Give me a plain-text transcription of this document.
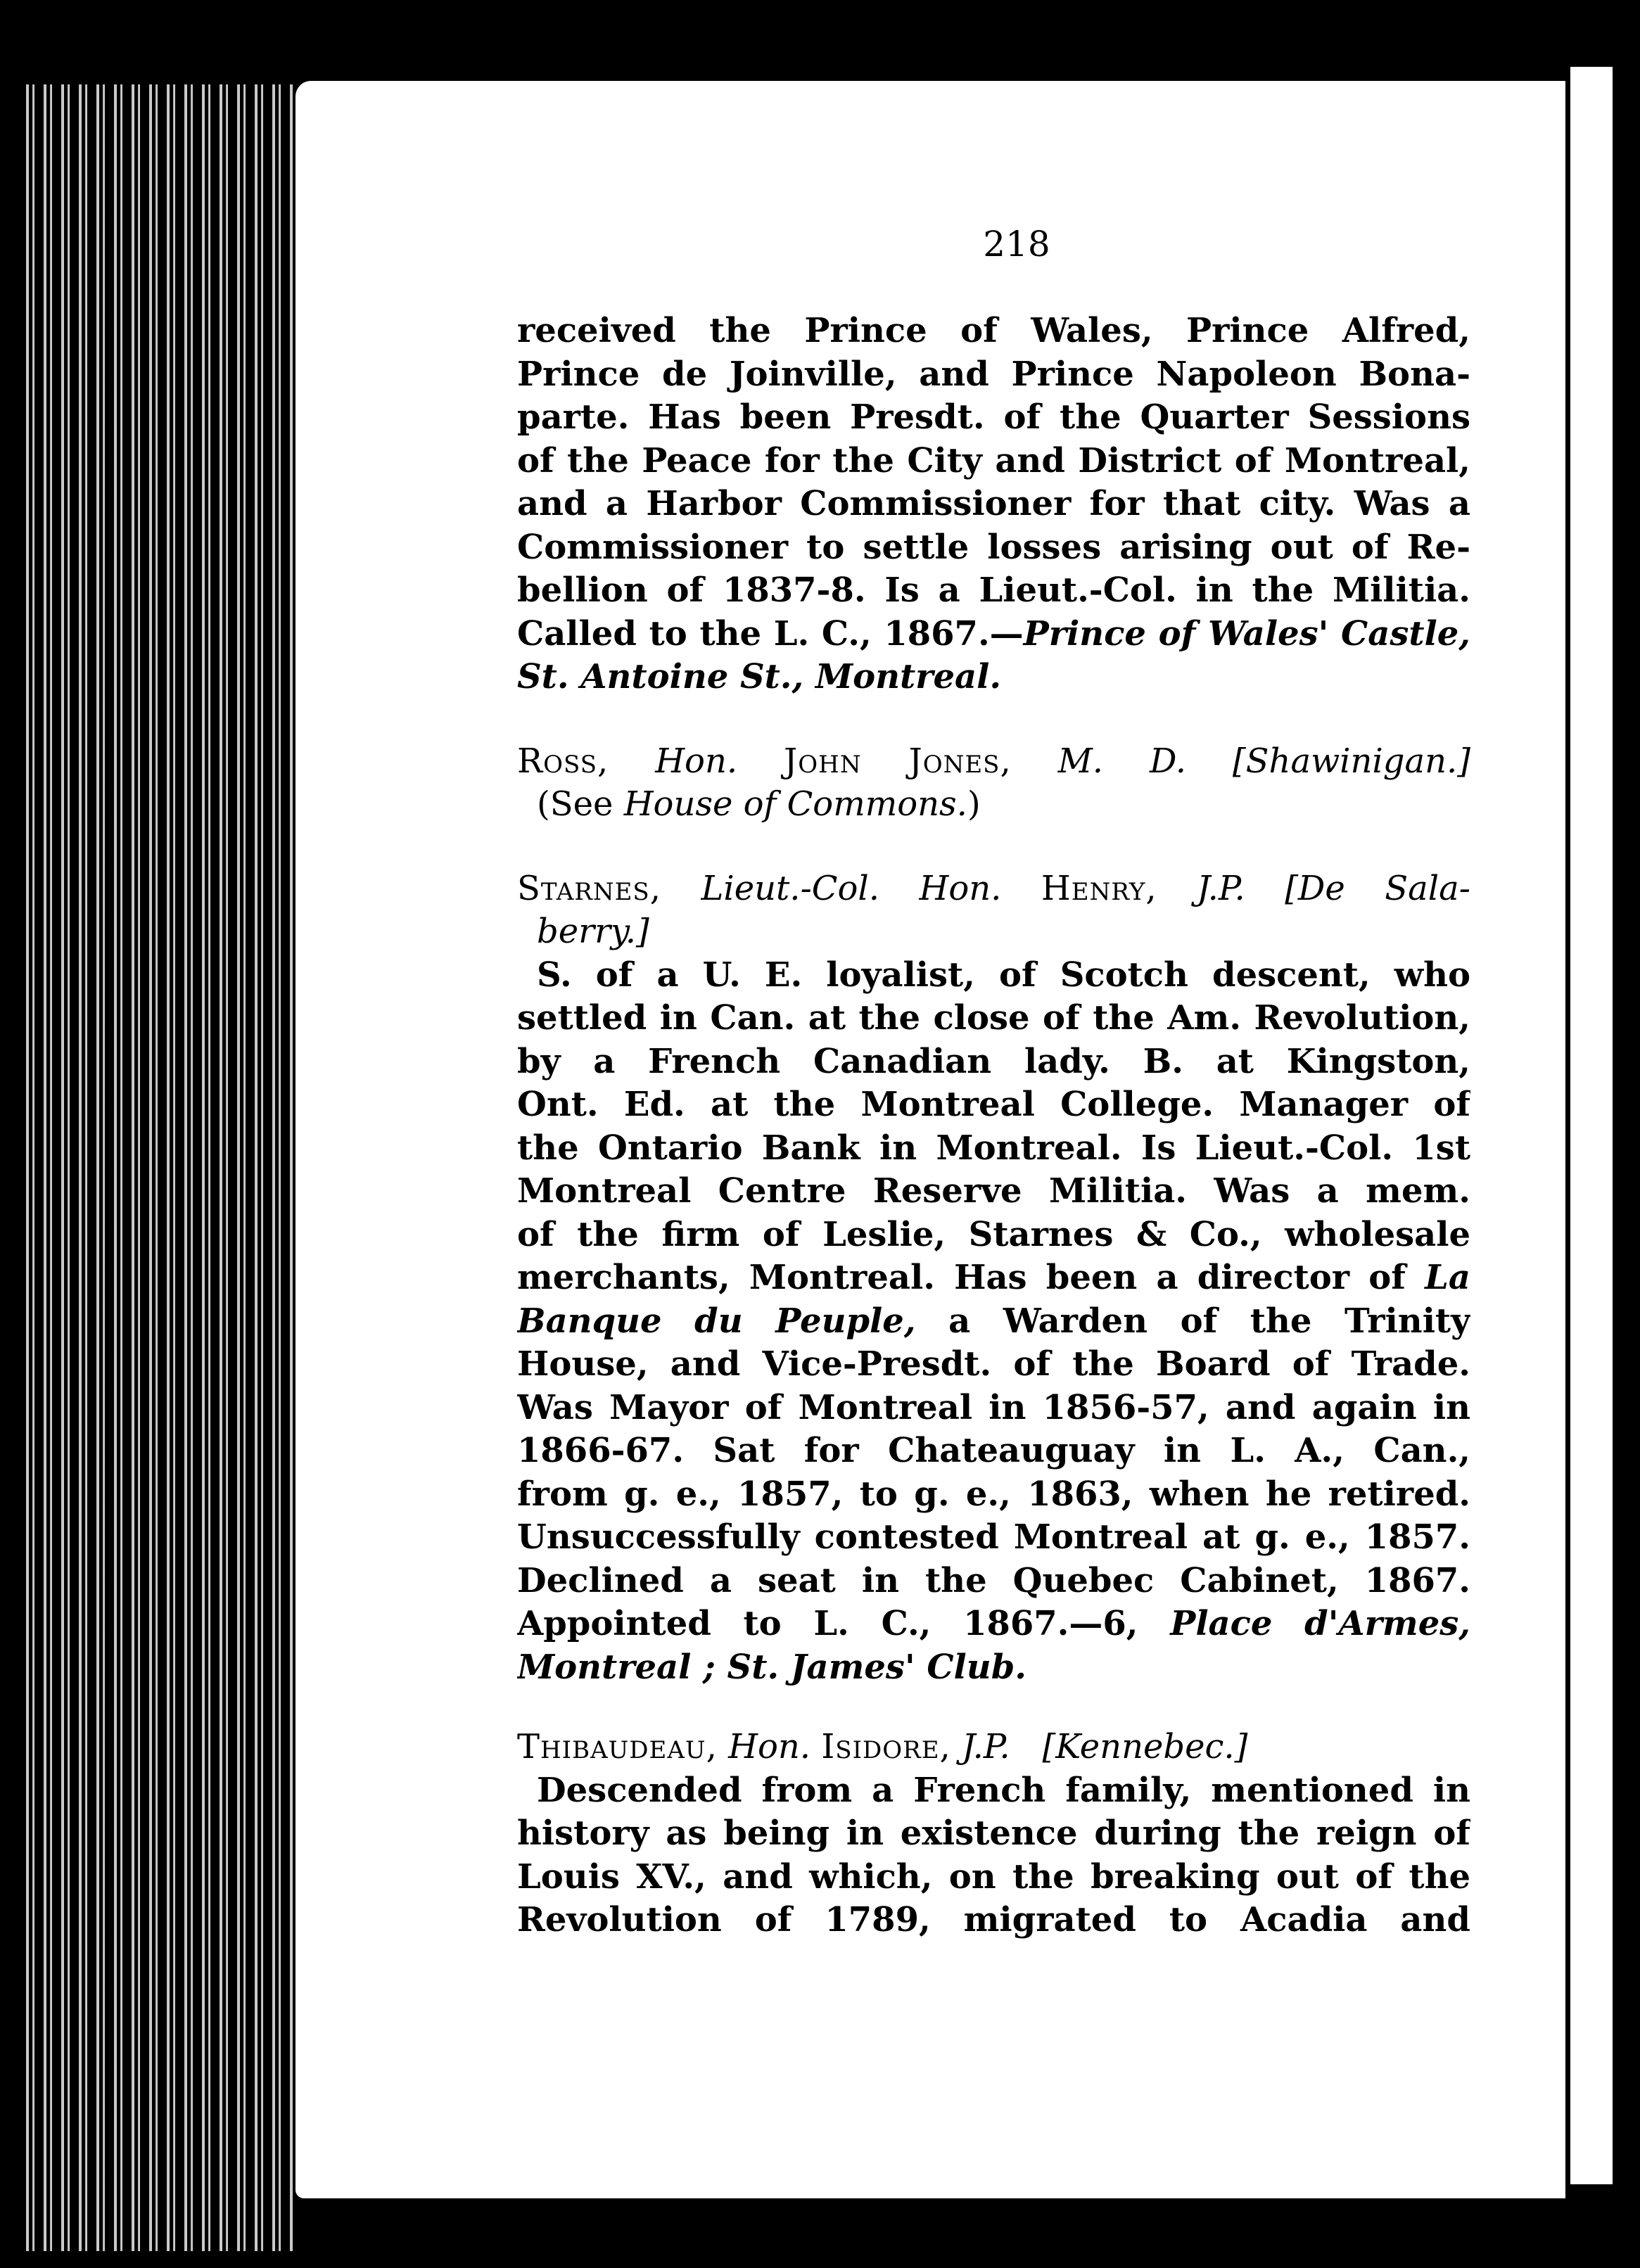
218
received the Prince of Wales, Prince Alfred,
Prince de Joinville, and Prince Napoleon Bona-
parte. Has been Presdt. of the Quarter Sessions
of the Peace for the City and District of Montreal,
and a Harbor Commissioner for that city. Was a
Commissioner to settle losses arising out of Re-
bellion of 1837-8. Is a Lieut.-Col. in the Militia.
Called to the L. C., 1867.—Prince of Wales' Castle,
St. Antoine St., Montreal.
Ross, Hon. John Jones, M. D. [Shawinigan.]
(See House of Commons.)
Starnes, Lieut.-Col. Hon. Henry, J.P. [De Sala-
berry.]
S. of a U. E. loyalist, of Scotch descent, who
settled in Can. at the close of the Am. Revolution,
by a French Canadian lady. B. at Kingston,
Ont. Ed. at the Montreal College. Manager of
the Ontario Bank in Montreal. Is Lieut.-Col. 1st
Montreal Centre Reserve Militia. Was a mem.
of the firm of Leslie, Starnes & Co., wholesale
merchants, Montreal. Has been a director of La
Banque du Peuple, a Warden of the Trinity
House, and Vice-Presdt. of the Board of Trade.
Was Mayor of Montreal in 1856-57, and again in
1866-67. Sat for Chateauguay in L. A., Can.,
from g. e., 1857, to g. e., 1863, when he retired.
Unsuccessfully contested Montreal at g. e., 1857.
Declined a seat in the Quebec Cabinet, 1867.
Appointed to L. C., 1867.—6, Place d'Armes,
Montreal ; St. James' Club.
Thibaudeau, Hon. Isidore, J.P. [Kennebec.]
Descended from a French family, mentioned in
history as being in existence during the reign of
Louis XV., and which, on the breaking out of the
Revolution of 1789, migrated to Acadia and
